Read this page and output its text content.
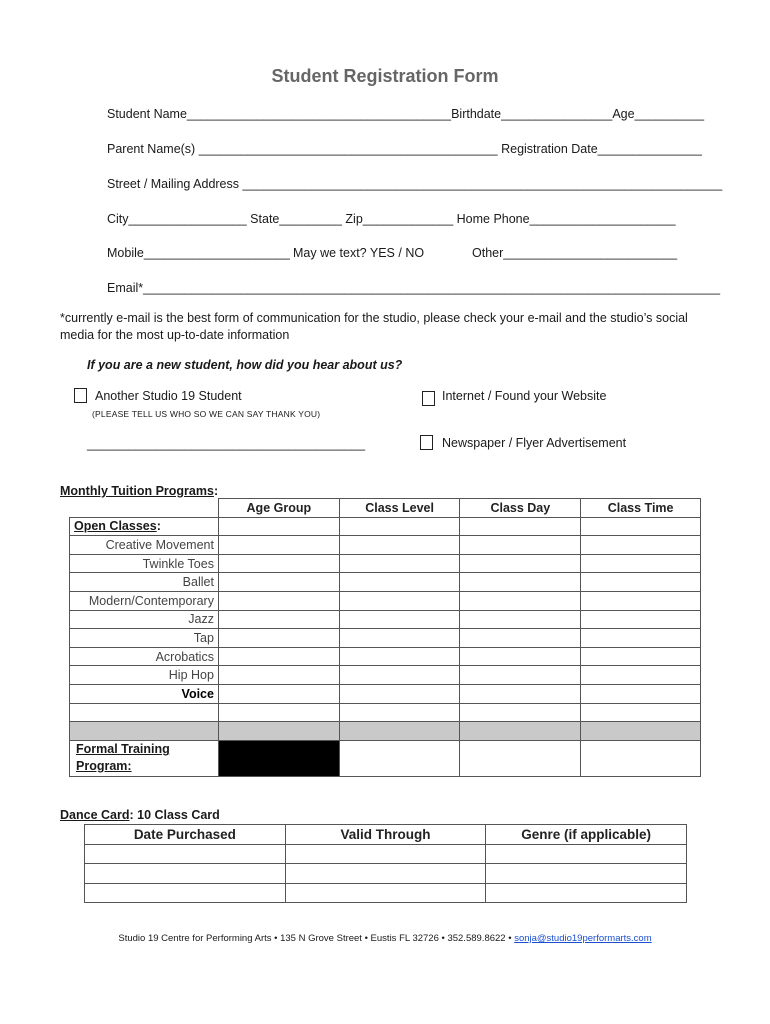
Student Registration Form
Student Name______________________________________Birthdate________________Age__________
Parent Name(s) ___________________________________________ Registration Date_______________
Street / Mailing Address _____________________________________________________________________
City_________________ State_________ Zip_____________ Home Phone_____________________
Mobile_____________________ May we text? YES / NO	Other_________________________
Email*___________________________________________________________________________________
*currently e-mail is the best form of communication for the studio, please check your e-mail and the studio’s social
media for the most up-to-date information
If you are a new student, how did you hear about us?
Another Studio 19 Student
(PLEASE TELL US WHO SO WE CAN SAY THANK YOU)
________________________________________
Internet / Found your Website
Newspaper / Flyer Advertisement
Monthly Tuition Programs:
	Age Group	Class Level	Class Day	Class Time
Open Classes:				
Creative Movement				
Twinkle Toes				
Ballet				
Modern/Contemporary				
Jazz				
Tap				
Acrobatics				
Hip Hop				
Voice				

Formal Training
Program:				
Dance Card: 10 Class Card
Date Purchased	Valid Through	Genre (if applicable)

Studio 19 Centre for Performing Arts • 135 N Grove Street • Eustis FL 32726 • 352.589.8622 • sonja@studio19performarts.com
